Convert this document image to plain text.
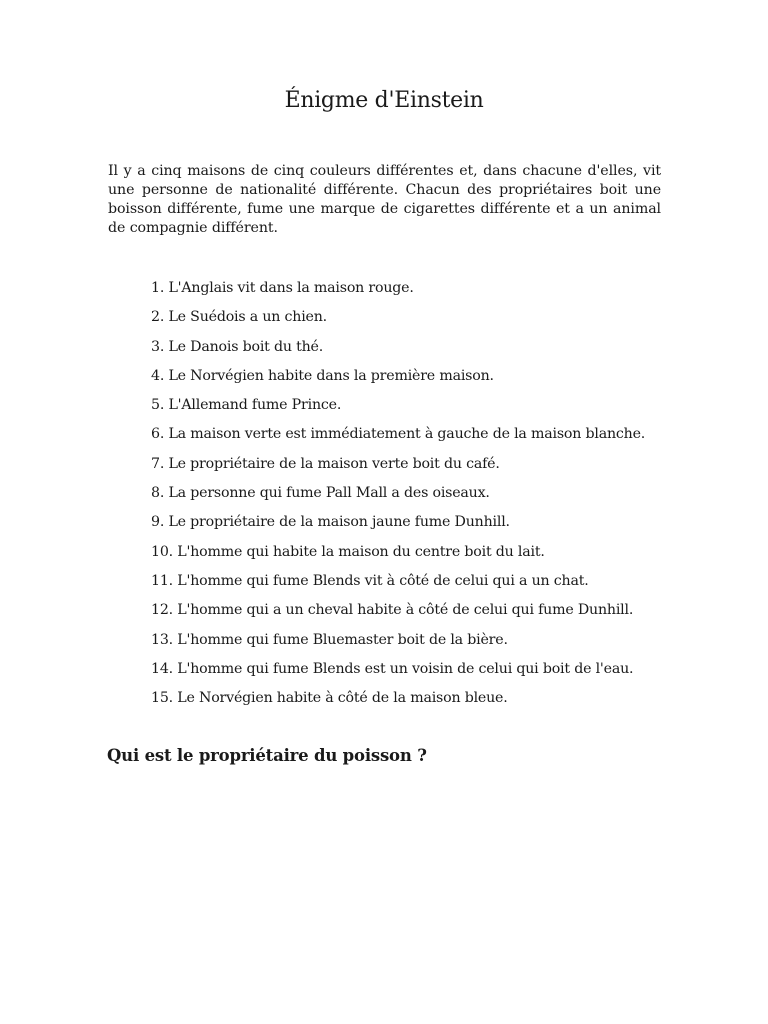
Énigme d'Einstein

Il y a cinq maisons de cinq couleurs différentes et, dans chacune d'elles, vit une personne de nationalité différente. Chacun des propriétaires boit une boisson différente, fume une marque de cigarettes différente et a un animal de compagnie différent.

1. L'Anglais vit dans la maison rouge.
2. Le Suédois a un chien.
3. Le Danois boit du thé.
4. Le Norvégien habite dans la première maison.
5. L'Allemand fume Prince.
6. La maison verte est immédiatement à gauche de la maison blanche.
7. Le propriétaire de la maison verte boit du café.
8. La personne qui fume Pall Mall a des oiseaux.
9. Le propriétaire de la maison jaune fume Dunhill.
10. L'homme qui habite la maison du centre boit du lait.
11. L'homme qui fume Blends vit à côté de celui qui a un chat.
12. L'homme qui a un cheval habite à côté de celui qui fume Dunhill.
13. L'homme qui fume Bluemaster boit de la bière.
14. L'homme qui fume Blends est un voisin de celui qui boit de l'eau.
15. Le Norvégien habite à côté de la maison bleue.
Qui est le propriétaire du poisson ?
